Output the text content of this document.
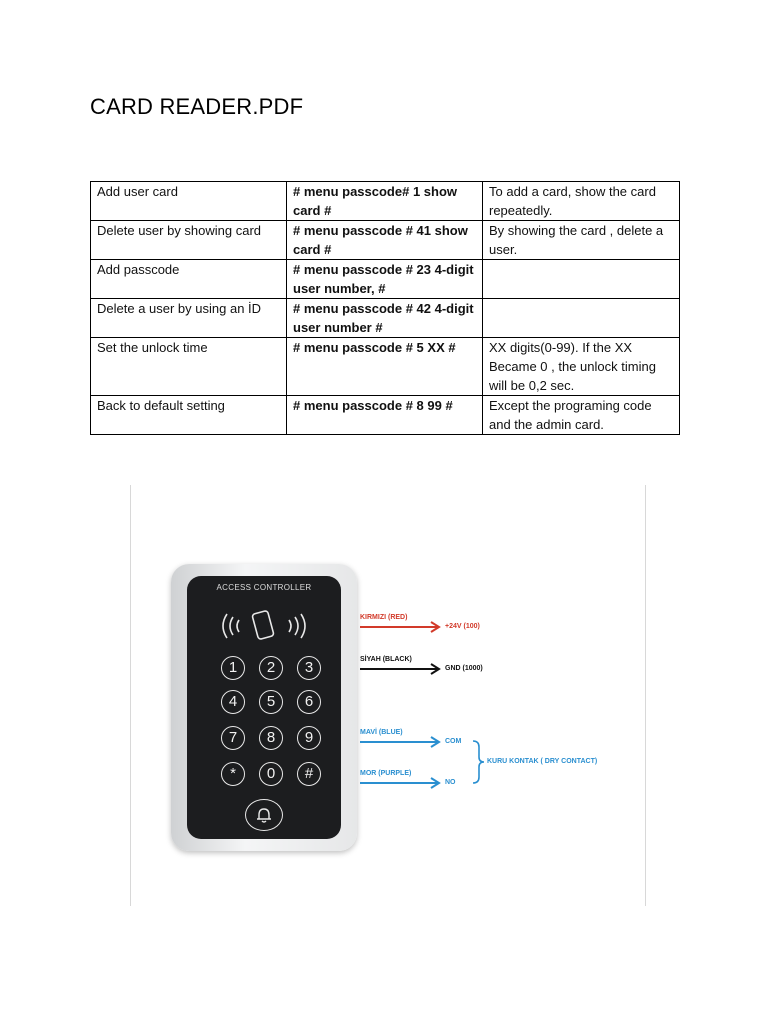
CARD READER.PDF
Add user card	# menu passcode# 1 show card #	To add a card, show the card repeatedly.
Delete user by showing card	# menu passcode # 41 show card #	By showing the card , delete a user.
Add passcode	# menu passcode # 23 4-digit user number, #	
Delete a user by using an İD	# menu passcode # 42 4-digit user number #	
Set the unlock time	# menu passcode # 5 XX #	XX digits(0-99). If the XX Became 0 , the unlock timing will be 0,2 sec.
Back to default setting	# menu passcode # 8 99 #	Except the programing code and the admin card.
ACCESS CONTROLLER
1	2	3
4	5	6
7	8	9
*	0	#
KIRMIZI (RED)
+24V (100)
SİYAH (BLACK)
GND (1000)
MAVİ (BLUE)
COM
MOR (PURPLE)
NO
KURU KONTAK ( DRY CONTACT)
